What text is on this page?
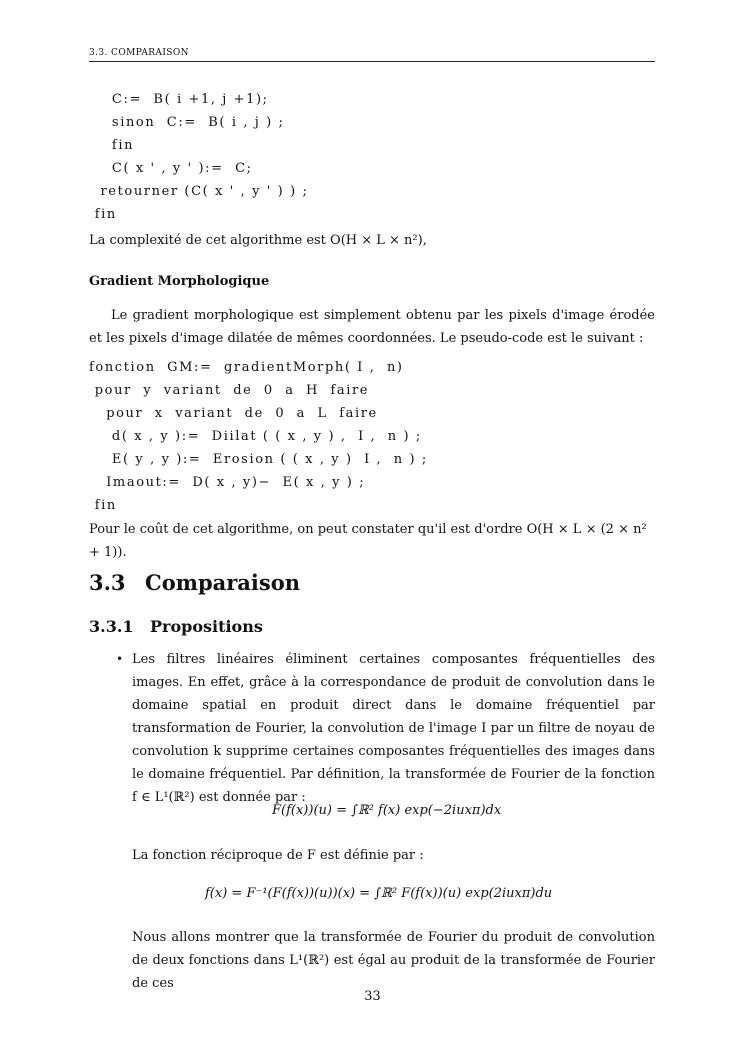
3.3. COMPARAISON
C:=  B( i +1, j +1);
sinon  C:=  B( i , j ) ;
fin
C( x ' , y ' ):=  C;
retourner (C( x ' , y ' ) ) ;
fin

La complexité de cet algorithme est O(H × L × n²),

Gradient Morphologique

Le gradient morphologique est simplement obtenu par les pixels d'image érodée et les pixels d'image dilatée de mêmes coordonnées. Le pseudo-code est le suivant :

fonction  GM:=  gradientMorph( I ,  n)
pour  y  variant  de  0  a  H  faire
pour  x  variant  de  0  a  L  faire
d( x , y ):=  Diilat ( ( x , y ) ,  I ,  n ) ;
E( y , y ):=  Erosion ( ( x , y )  I ,  n ) ;
Imaout:=  D( x , y)−  E( x , y ) ;
fin

Pour le coût de cet algorithme, on peut constater qu'il est d'ordre O(H × L × (2 × n² + 1)).

3.3 Comparaison
3.3.1 Propositions
• Les filtres linéaires éliminent certaines composantes fréquentielles des images. En effet, grâce à la correspondance de produit de convolution dans le domaine spatial en produit direct dans le domaine fréquentiel par transformation de Fourier, la convolution de l'image I par un filtre de noyau de convolution k supprime certaines composantes fréquentielles des images dans le domaine fréquentiel. Par définition, la transformée de Fourier de la fonction f ∈ L¹(ℝ²) est donnée par :

F(f(x))(u) = ∫ℝ² f(x) exp(−2iuxπ)dx

La fonction réciproque de F est définie par :

f(x) = F⁻¹(F(f(x))(u))(x) = ∫ℝ² F(f(x))(u) exp(2iuxπ)du

Nous allons montrer que la transformée de Fourier du produit de convolution de deux fonctions dans L¹(ℝ²) est égal au produit de la transformée de Fourier de ces

33
